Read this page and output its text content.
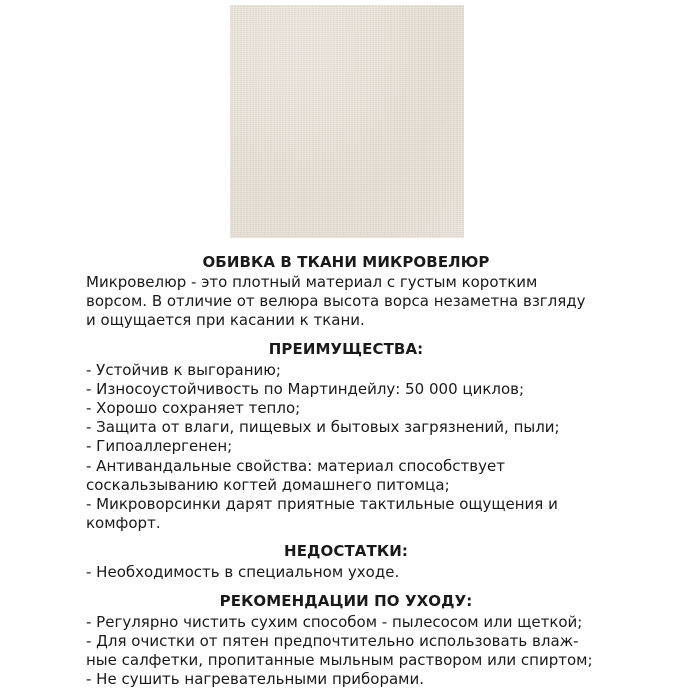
ОБИВКА В ТКАНИ МИКРОВЕЛЮР
Микровелюр - это плотный материал с густым коротким
ворсом. В отличие от велюра высота ворса незаметна взгляду
и ощущается при касании к ткани.
ПРЕИМУЩЕСТВА:
- Устойчив к выгоранию;
- Износоустойчивость по Мартиндейлу: 50 000 циклов;
- Хорошо сохраняет тепло;
- Защита от влаги, пищевых и бытовых загрязнений, пыли;
- Гипоаллергенен;
- Антивандальные свойства: материал способствует
соскальзыванию когтей домашнего питомца;
- Микроворсинки дарят приятные тактильные ощущения и
комфорт.
НЕДОСТАТКИ:
- Необходимость в специальном уходе.
РЕКОМЕНДАЦИИ ПО УХОДУ:
- Регулярно чистить сухим способом - пылесосом или щеткой;
- Для очистки от пятен предпочтительно использовать влаж-
ные салфетки, пропитанные мыльным раствором или спиртом;
- Не сушить нагревательными приборами.
